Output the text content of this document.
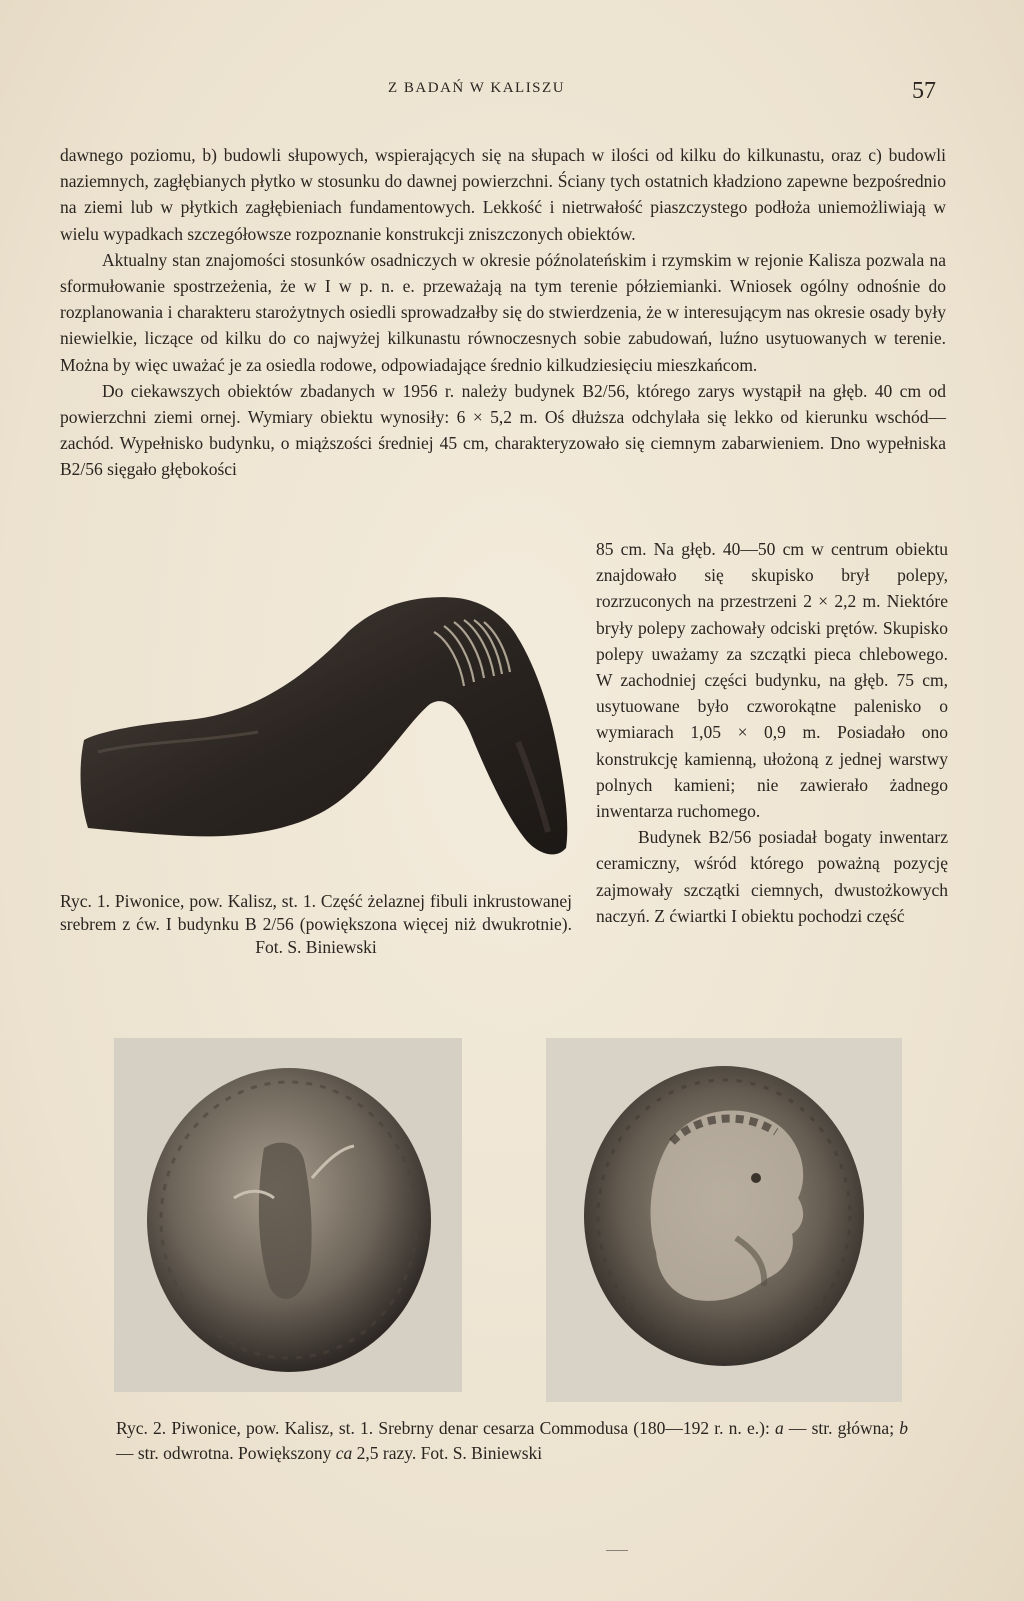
Z BADAŃ W KALISZU	57

dawnego poziomu, b) budowli słupowych, wspierających się na słupach w ilości od kilku do kilkunastu, oraz c) budowli naziemnych, zagłębianych płytko w stosunku do dawnej powierzchni. Ściany tych ostatnich kładziono zapewne bezpośrednio na ziemi lub w płytkich zagłębieniach fundamentowych. Lekkość i nietrwałość piaszczystego podłoża uniemożliwiają w wielu wypadkach szczegółowsze rozpoznanie konstrukcji zniszczonych obiektów.

Aktualny stan znajomości stosunków osadniczych w okresie późnolateńskim i rzymskim w rejonie Kalisza pozwala na sformułowanie spostrzeżenia, że w I w p. n. e. przeważają na tym terenie półziemianki. Wniosek ogólny odnośnie do rozplanowania i charakteru starożytnych osiedli sprowadzałby się do stwierdzenia, że w interesującym nas okresie osady były niewielkie, liczące od kilku do co najwyżej kilkunastu równoczesnych sobie zabudowań, luźno usytuowanych w terenie. Można by więc uważać je za osiedla rodowe, odpowiadające średnio kilkudziesięciu mieszkańcom.

Do ciekawszych obiektów zbadanych w 1956 r. należy budynek B2/56, którego zarys wystąpił na głęb. 40 cm od powierzchni ziemi ornej. Wymiary obiektu wynosiły: 6 × 5,2 m. Oś dłuższa odchylała się lekko od kierunku wschód—zachód. Wypełnisko budynku, o miąższości średniej 45 cm, charakteryzowało się ciemnym zabarwieniem. Dno wypełniska B2/56 sięgało głębokości

85 cm. Na głęb. 40—50 cm w centrum obiektu znajdowało się skupisko brył polepy, rozrzuconych na przestrzeni 2 × 2,2 m. Niektóre bryły polepy zachowały odciski prętów. Skupisko polepy uważamy za szczątki pieca chlebowego. W zachodniej części budynku, na głęb. 75 cm, usytuowane było czworokątne palenisko o wymiarach 1,05 × 0,9 m. Posiadało ono konstrukcję kamienną, ułożoną z jednej warstwy polnych kamieni; nie zawierało żadnego inwentarza ruchomego.

Budynek B2/56 posiadał bogaty inwentarz ceramiczny, wśród którego poważną pozycję zajmowały szczątki ciemnych, dwustożkowych naczyń. Z ćwiartki I obiektu pochodzi część

Ryc. 1. Piwonice, pow. Kalisz, st. 1. Część żelaznej fibuli inkrustowanej srebrem z ćw. I budynku B 2/56 (powiększona więcej niż dwukrotnie). Fot. S. Biniewski
Ryc. 2. Piwonice, pow. Kalisz, st. 1. Srebrny denar cesarza Commodusa (180—192 r. n. e.): a — str. główna; b — str. odwrotna. Powiększony ca 2,5 razy. Fot. S. Biniewski
